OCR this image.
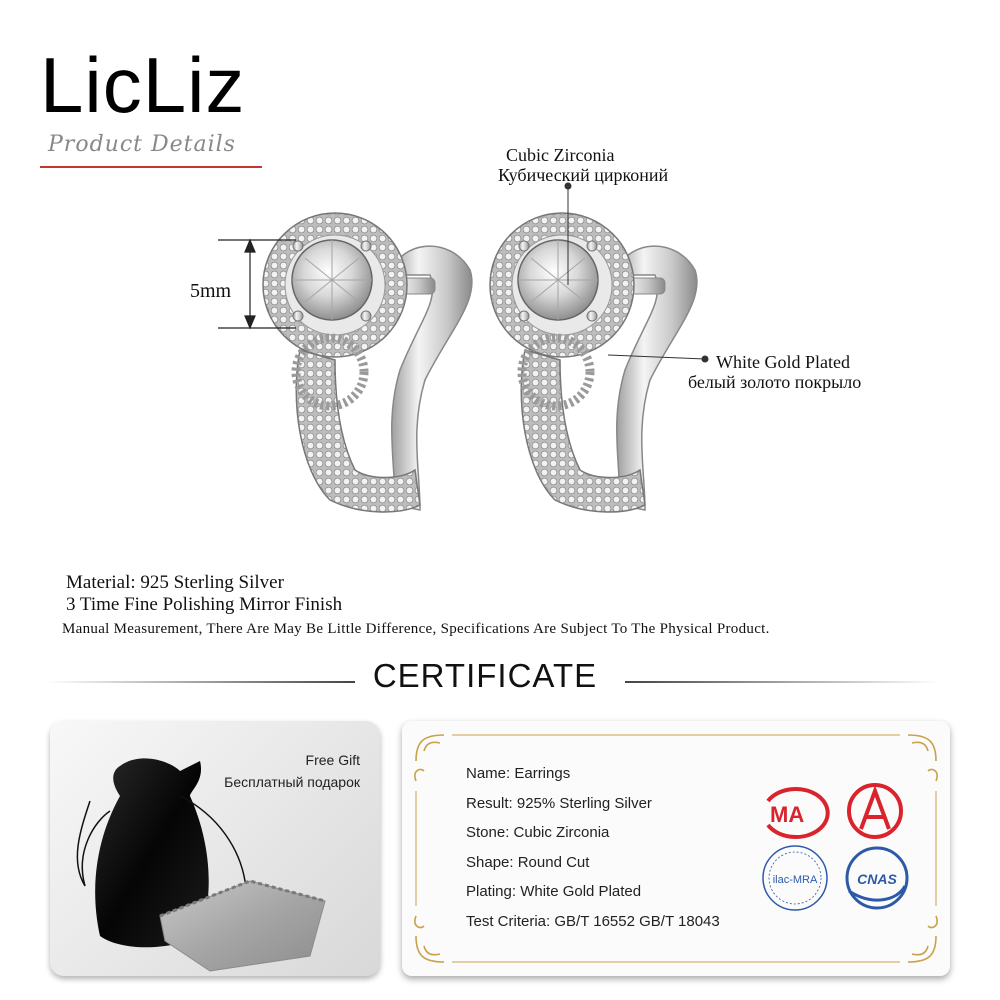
LicLiz
Product Details	Cubic Zirconia
Кубический цирконий
White Gold Plated
белый золото покрыло
5mm
Material: 925 Sterling Silver
3 Time Fine Polishing Mirror Finish
Manual Measurement, There Are May Be Little Difference, Specifications Are Subject To The Physical Product.
CERTIFICATE
Free Gift
Бесплатный подарок
MA
ilac-MRA	CNAS
Name: Earrings
Result: 925% Sterling Silver
Stone: Cubic Zirconia
Shape: Round Cut
Plating: White Gold Plated
Test Criteria: GB/T 16552 GB/T 18043
